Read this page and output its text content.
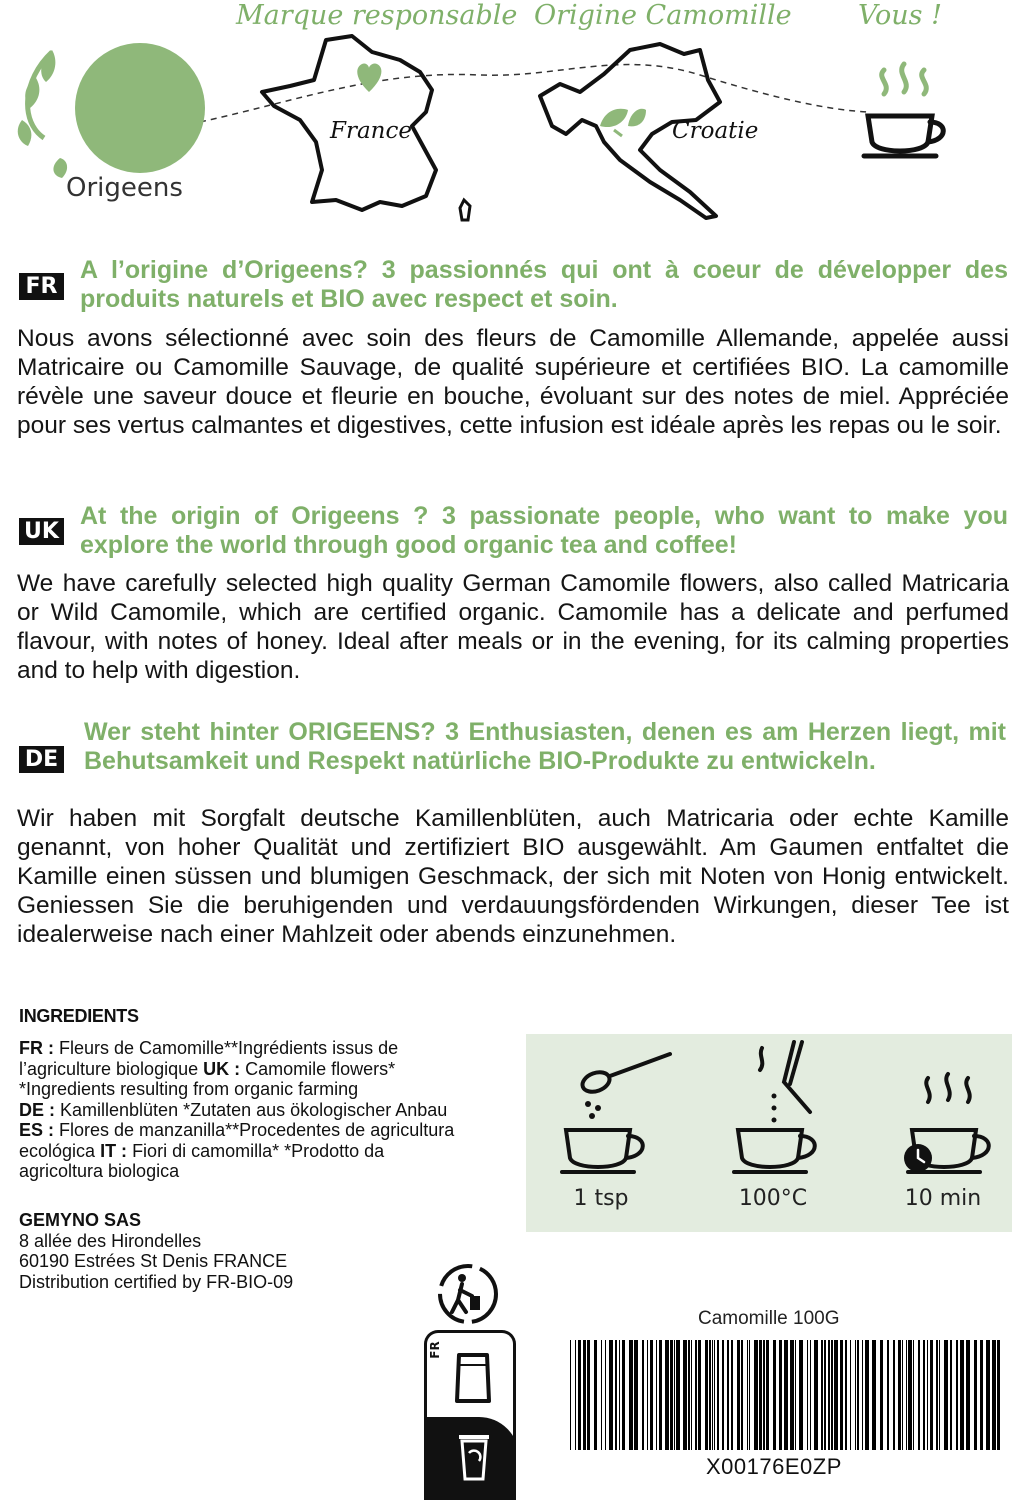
Marque responsable Origine Camomille Vous !
Origeens
France	Croatie
FR
A l’origine d’Origeens? 3 passionnés qui ont à coeur de développer des produits naturels et BIO avec respect et soin.
Nous avons sélectionné avec soin des fleurs de Camomille Allemande, appelée aussi Matricaire ou Camomille Sauvage, de qualité supérieure et certifiées BIO. La camomille révèle une saveur douce et fleurie en bouche, évoluant sur des notes de miel. Appréciée pour ses vertus calmantes et digestives, cette infusion est idéale après les repas ou le soir.
UK
At the origin of Origeens ? 3 passionate people, who want to make you explore the world through good organic tea and coffee!
We have carefully selected high quality German Camomile flowers, also called Matricaria or Wild Camomile, which are certified organic. Camomile has a delicate and perfumed flavour, with notes of honey. Ideal after meals or in the evening, for its calming properties and to help with digestion.
DE
Wer steht hinter ORIGEENS? 3 Enthusiasten, denen es am Herzen liegt, mit Behutsamkeit und Respekt natürliche BIO-Produkte zu entwickeln.
Wir haben mit Sorgfalt deutsche Kamillenblüten, auch Matricaria oder echte Kamille genannt, von hoher Qualität und zertifiziert BIO ausgewählt. Am Gaumen entfaltet die Kamille einen süssen und blumigen Geschmack, der sich mit Noten von Honig entwickelt. Geniessen Sie die beruhigenden und verdauungsfördenden Wirkungen, dieser Tee ist idealerweise nach einer Mahlzeit oder abends einzunehmen.
INGREDIENTS
FR : Fleurs de Camomille**Ingrédients issus de l’agriculture biologique UK : Camomile flowers* *Ingredients resulting from organic farming
DE : Kamillenblüten *Zutaten aus ökologischer Anbau ES : Flores de manzanilla**Procedentes de agricultura ecológica IT : Fiori di camomilla* *Prodotto da agricoltura biologica
GEMYNO SAS
8 allée des Hirondelles
60190 Estrées St Denis FRANCE
Distribution certified by FR-BIO-09
1 tsp	100°C	10 min
FR
Camomille 100G
X00176E0ZP
